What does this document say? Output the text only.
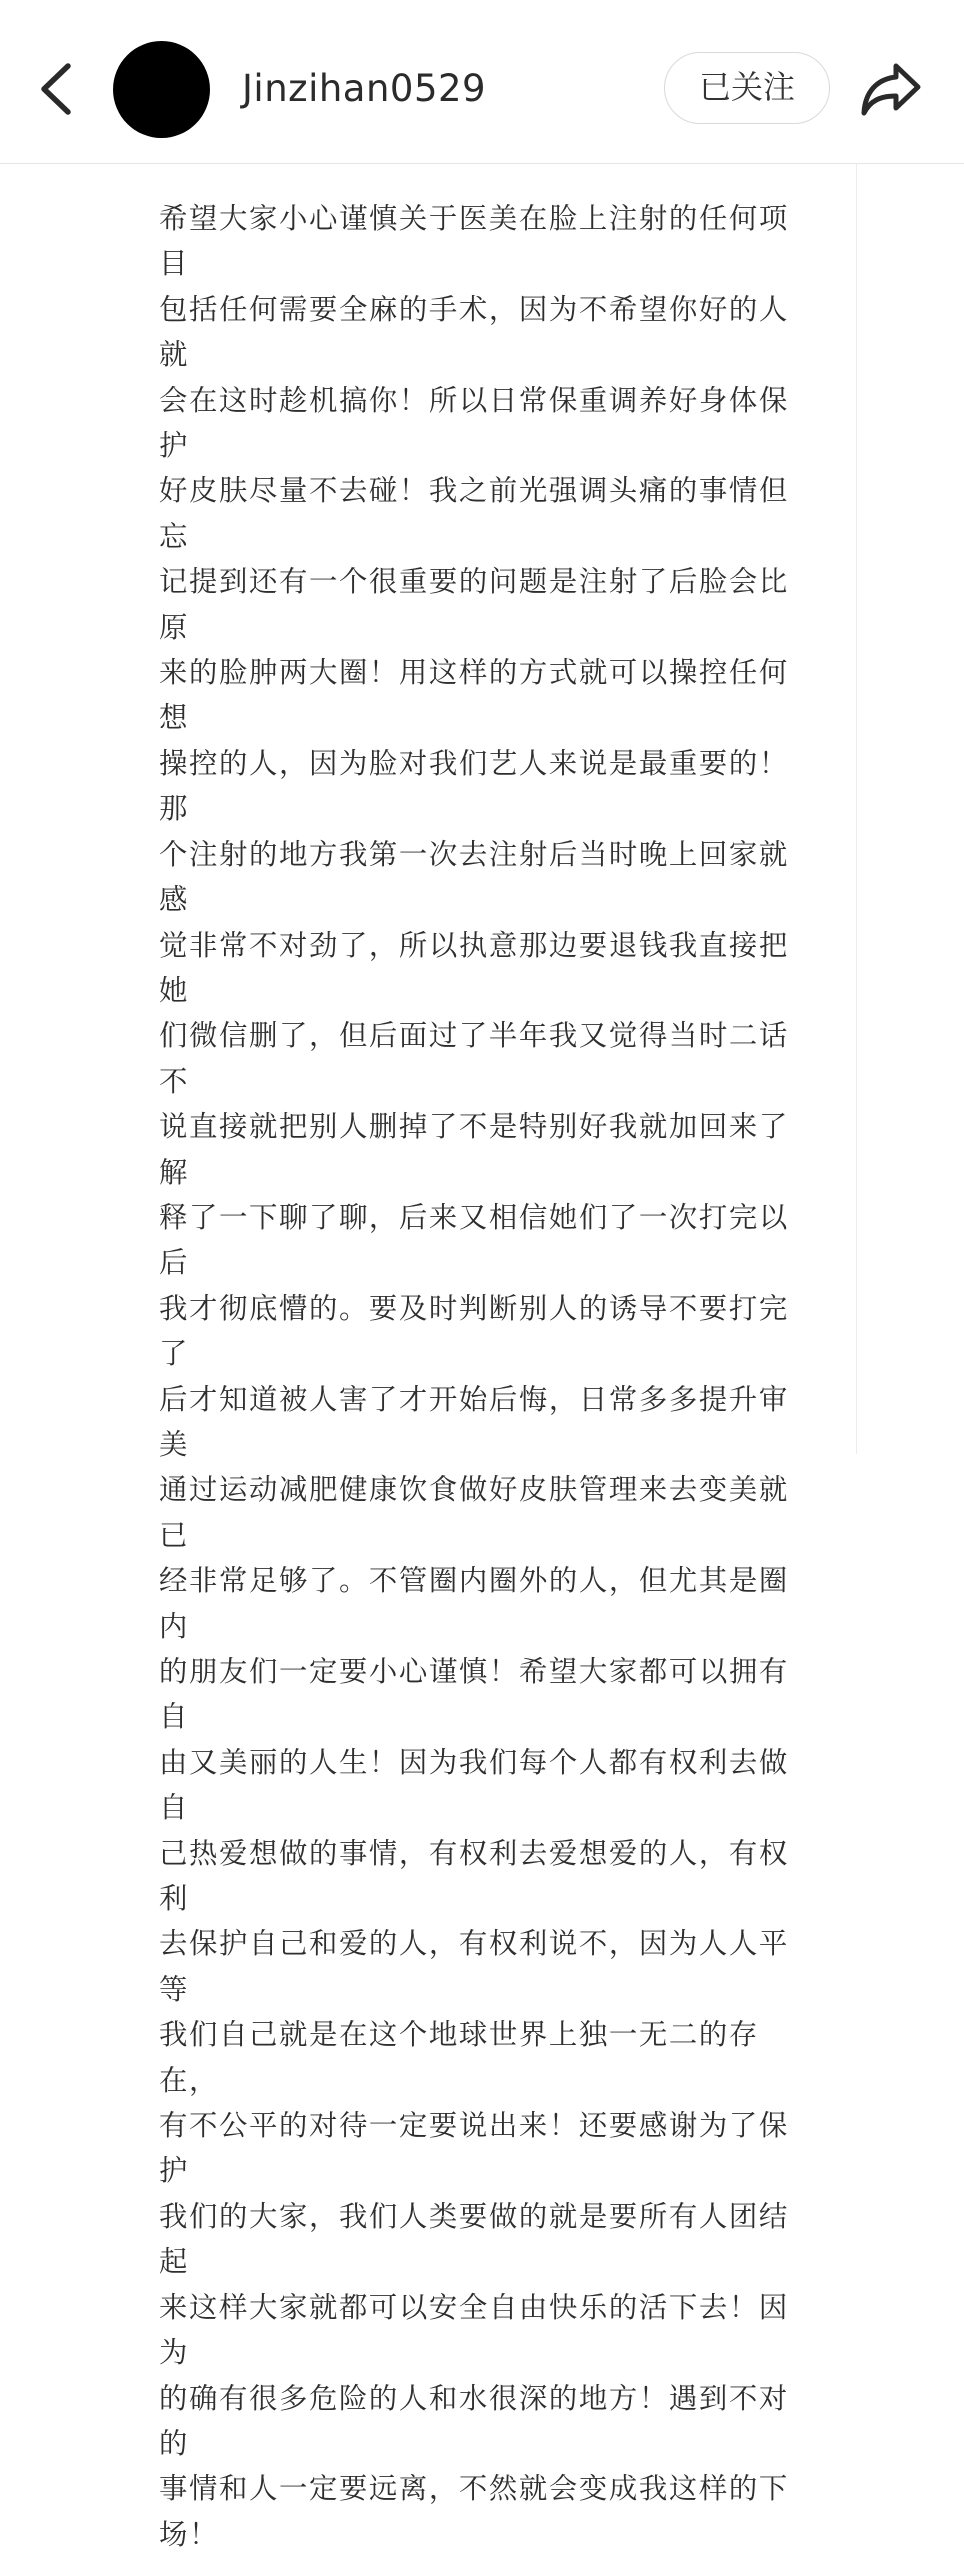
Jinzihan0529	已关注

希望大家小心谨慎关于医美在脸上注射的任何项目
包括任何需要全麻的手术，因为不希望你好的人就
会在这时趁机搞你！所以日常保重调养好身体保护
好皮肤尽量不去碰！我之前光强调头痛的事情但忘
记提到还有一个很重要的问题是注射了后脸会比原
来的脸肿两大圈！用这样的方式就可以操控任何想
操控的人，因为脸对我们艺人来说是最重要的！那
个注射的地方我第一次去注射后当时晚上回家就感
觉非常不对劲了，所以执意那边要退钱我直接把她
们微信删了，但后面过了半年我又觉得当时二话不
说直接就把别人删掉了不是特别好我就加回来了解
释了一下聊了聊，后来又相信她们了一次打完以后
我才彻底懵的。要及时判断别人的诱导不要打完了
后才知道被人害了才开始后悔，日常多多提升审美
通过运动减肥健康饮食做好皮肤管理来去变美就已
经非常足够了。不管圈内圈外的人，但尤其是圈内
的朋友们一定要小心谨慎！希望大家都可以拥有自
由又美丽的人生！因为我们每个人都有权利去做自
己热爱想做的事情，有权利去爱想爱的人，有权利
去保护自己和爱的人，有权利说不，因为人人平等
我们自己就是在这个地球世界上独一无二的存在，
有不公平的对待一定要说出来！还要感谢为了保护
我们的大家，我们人类要做的就是要所有人团结起
来这样大家就都可以安全自由快乐的活下去！因为
的确有很多危险的人和水很深的地方！遇到不对的
事情和人一定要远离，不然就会变成我这样的下
场！
